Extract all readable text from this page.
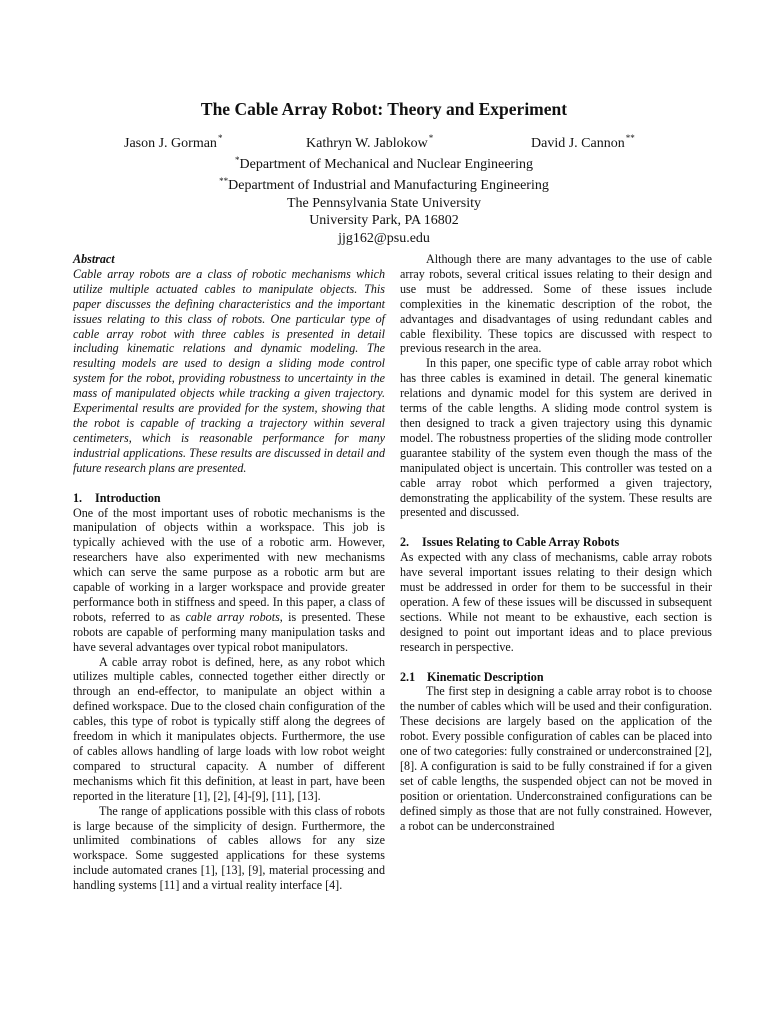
The Cable Array Robot: Theory and Experiment
Jason J. Gorman*	Kathryn W. Jablokow*	David J. Cannon**
*Department of Mechanical and Nuclear Engineering
**Department of Industrial and Manufacturing Engineering
The Pennsylvania State University
University Park, PA 16802
jjg162@psu.edu

Abstract

Cable array robots are a class of robotic mechanisms which utilize multiple actuated cables to manipulate objects. This paper discusses the defining characteristics and the important issues relating to this class of robots. One particular type of cable array robot with three cables is presented in detail including kinematic relations and dynamic modeling. The resulting models are used to design a sliding mode control system for the robot, providing robustness to uncertainty in the mass of manipulated objects while tracking a given trajectory. Experimental results are provided for the system, showing that the robot is capable of tracking a trajectory within several centimeters, which is reasonable performance for many industrial applications. These results are discussed in detail and future research plans are presented.

1. Introduction

One of the most important uses of robotic mechanisms is the manipulation of objects within a workspace. This job is typically achieved with the use of a robotic arm. However, researchers have also experimented with new mechanisms which can serve the same purpose as a robotic arm but are capable of working in a larger workspace and provide greater performance both in stiffness and speed. In this paper, a class of robots, referred to as cable array robots, is presented. These robots are capable of performing many manipulation tasks and have several advantages over typical robot manipulators.

A cable array robot is defined, here, as any robot which utilizes multiple cables, connected together either directly or through an end-effector, to manipulate an object within a defined workspace. Due to the closed chain configuration of the cables, this type of robot is typically stiff along the degrees of freedom in which it manipulates objects. Furthermore, the use of cables allows handling of large loads with low robot weight compared to structural capacity. A number of different mechanisms which fit this definition, at least in part, have been reported in the literature [1], [2], [4]-[9], [11], [13].

The range of applications possible with this class of robots is large because of the simplicity of design. Furthermore, the unlimited combinations of cables allows for any size workspace. Some suggested applications for these systems include automated cranes [1], [13], [9], material processing and handling systems [11] and a virtual reality interface [4].

Although there are many advantages to the use of cable array robots, several critical issues relating to their design and use must be addressed. Some of these issues include complexities in the kinematic description of the robot, the advantages and disadvantages of using redundant cables and cable flexibility. These topics are discussed with respect to previous research in the area.

In this paper, one specific type of cable array robot which has three cables is examined in detail. The general kinematic relations and dynamic model for this system are derived in terms of the cable lengths. A sliding mode control system is then designed to track a given trajectory using this dynamic model. The robustness properties of the sliding mode controller guarantee stability of the system even though the mass of the manipulated object is uncertain. This controller was tested on a cable array robot which performed a given trajectory, demonstrating the applicability of the system. These results are presented and discussed.

2. Issues Relating to Cable Array Robots

As expected with any class of mechanisms, cable array robots have several important issues relating to their design which must be addressed in order for them to be successful in their operation. A few of these issues will be discussed in subsequent sections. While not meant to be exhaustive, each section is designed to point out important ideas and to place previous research in perspective.

2.1 Kinematic Description

The first step in designing a cable array robot is to choose the number of cables which will be used and their configuration. These decisions are largely based on the application of the robot. Every possible configuration of cables can be placed into one of two categories: fully constrained or underconstrained [2], [8]. A configuration is said to be fully constrained if for a given set of cable lengths, the suspended object can not be moved in position or orientation. Underconstrained configurations can be defined simply as those that are not fully constrained. However, a robot can be underconstrained
